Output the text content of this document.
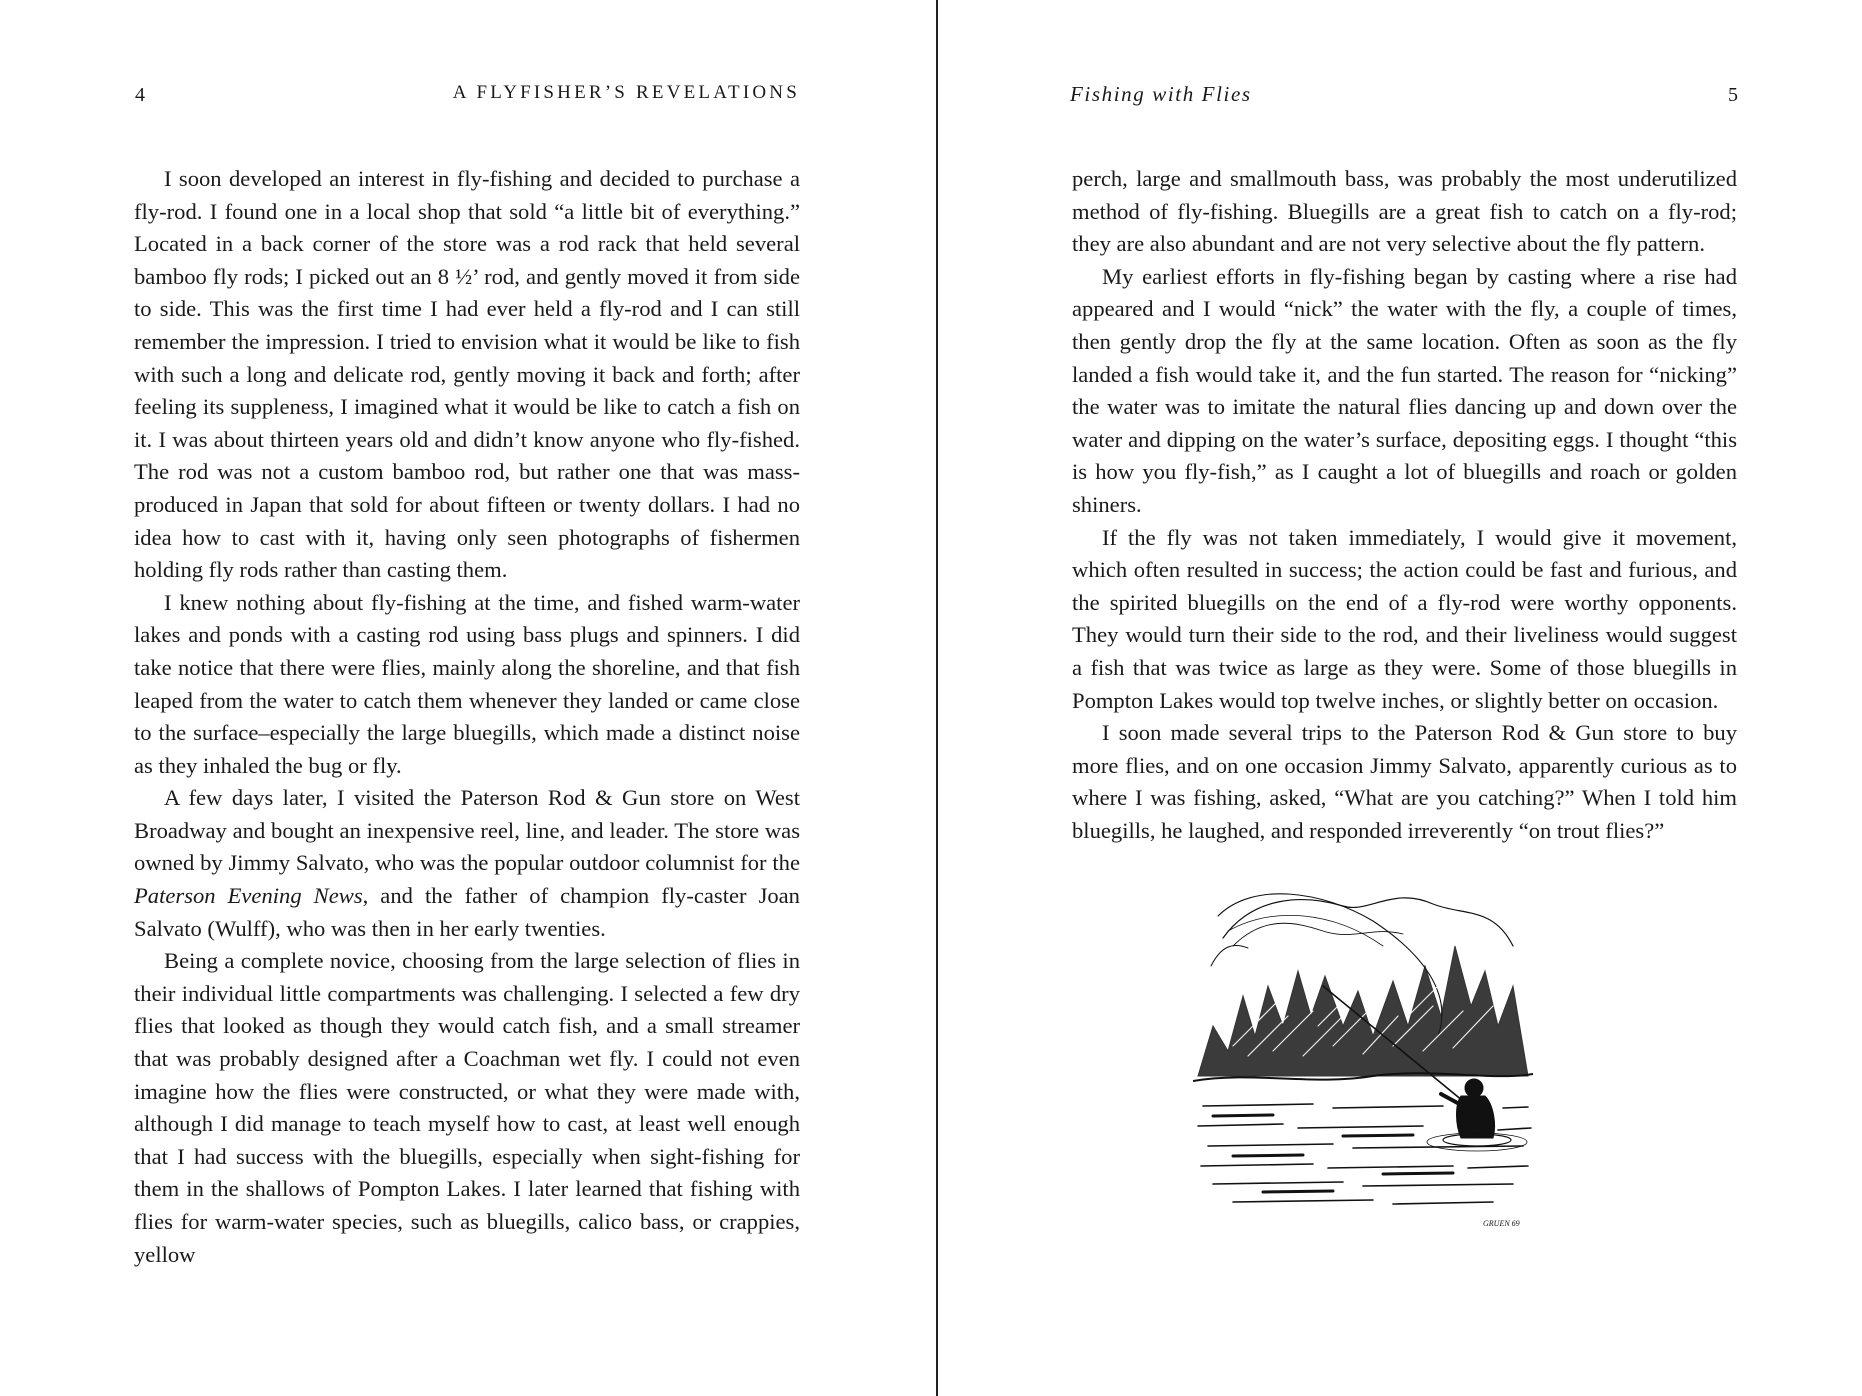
4	A FLYFISHER’S REVELATIONS

I soon developed an interest in fly-fishing and decided to purchase a fly-rod. I found one in a local shop that sold “a little bit of everything.” Located in a back corner of the store was a rod rack that held several bamboo fly rods; I picked out an 8 ½’ rod, and gently moved it from side to side. This was the first time I had ever held a fly-rod and I can still remember the impression. I tried to envision what it would be like to fish with such a long and delicate rod, gently moving it back and forth; after feeling its suppleness, I imagined what it would be like to catch a fish on it. I was about thirteen years old and didn’t know anyone who fly-fished. The rod was not a custom bamboo rod, but rather one that was mass-produced in Japan that sold for about fifteen or twenty dollars. I had no idea how to cast with it, having only seen photographs of fishermen holding fly rods rather than casting them.

I knew nothing about fly-fishing at the time, and fished warm-water lakes and ponds with a casting rod using bass plugs and spinners. I did take notice that there were flies, mainly along the shoreline, and that fish leaped from the water to catch them whenever they landed or came close to the surface–especially the large bluegills, which made a distinct noise as they inhaled the bug or fly.

A few days later, I visited the Paterson Rod & Gun store on West Broadway and bought an inexpensive reel, line, and leader. The store was owned by Jimmy Salvato, who was the popular outdoor columnist for the Paterson Evening News, and the father of champion fly-caster Joan Salvato (Wulff), who was then in her early twenties.

Being a complete novice, choosing from the large selection of flies in their individual little compartments was challenging. I selected a few dry flies that looked as though they would catch fish, and a small streamer that was probably designed after a Coachman wet fly. I could not even imagine how the flies were constructed, or what they were made with, although I did manage to teach myself how to cast, at least well enough that I had success with the bluegills, especially when sight-fishing for them in the shallows of Pompton Lakes. I later learned that fishing with flies for warm-water species, such as bluegills, calico bass, or crappies, yellow

Fishing with Flies	5

perch, large and smallmouth bass, was probably the most underutilized method of fly-fishing. Bluegills are a great fish to catch on a fly-rod; they are also abundant and are not very selective about the fly pattern.

My earliest efforts in fly-fishing began by casting where a rise had appeared and I would “nick” the water with the fly, a couple of times, then gently drop the fly at the same location. Often as soon as the fly landed a fish would take it, and the fun started. The reason for “nicking” the water was to imitate the natural flies dancing up and down over the water and dipping on the water’s surface, depositing eggs. I thought “this is how you fly-fish,” as I caught a lot of bluegills and roach or golden shiners.

If the fly was not taken immediately, I would give it movement, which often resulted in success; the action could be fast and furious, and the spirited bluegills on the end of a fly-rod were worthy opponents. They would turn their side to the rod, and their liveliness would suggest a fish that was twice as large as they were. Some of those bluegills in Pompton Lakes would top twelve inches, or slightly better on occasion.

I soon made several trips to the Paterson Rod & Gun store to buy more flies, and on one occasion Jimmy Salvato, apparently curious as to where I was fishing, asked, “What are you catching?” When I told him bluegills, he laughed, and responded irreverently “on trout flies?”

GRUEN 69
